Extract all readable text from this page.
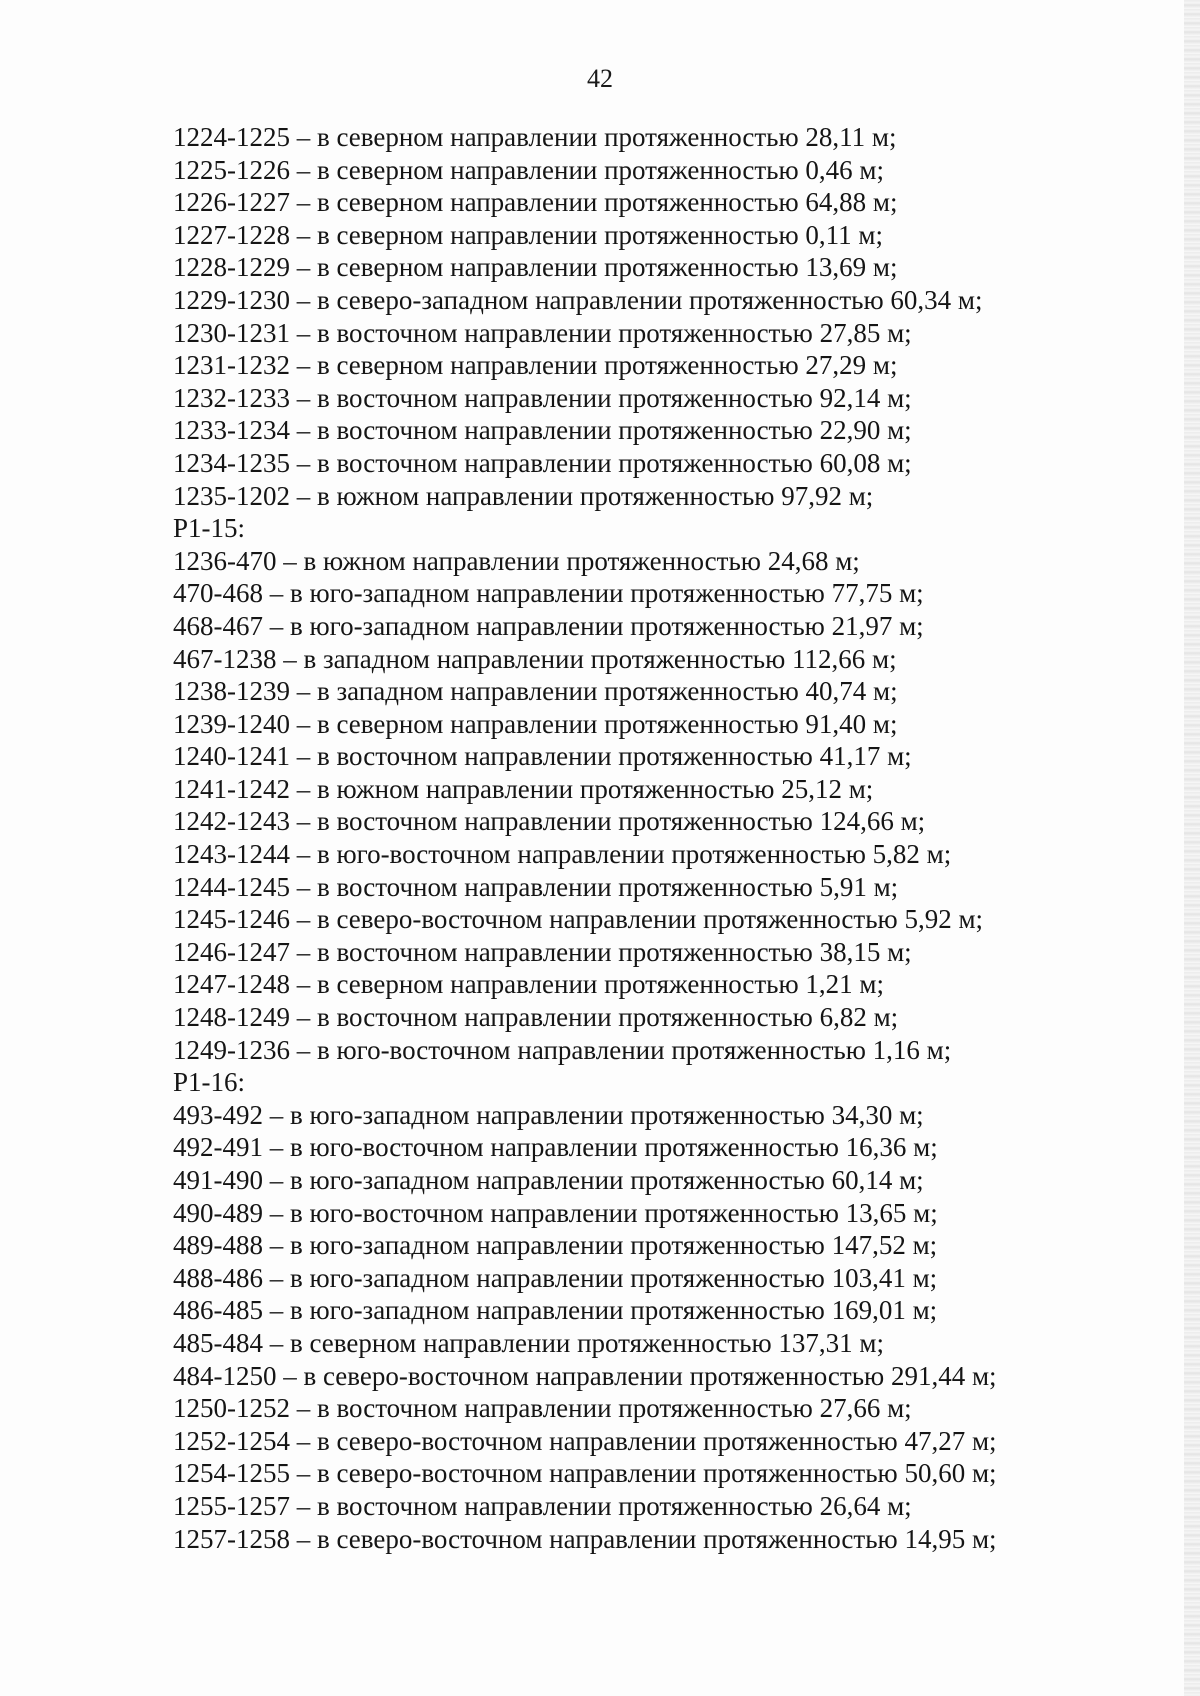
42
1224-1225 – в северном направлении протяженностью 28,11 м;
1225-1226 – в северном направлении протяженностью 0,46 м;
1226-1227 – в северном направлении протяженностью 64,88 м;
1227-1228 – в северном направлении протяженностью 0,11 м;
1228-1229 – в северном направлении протяженностью 13,69 м;
1229-1230 – в северо-западном направлении протяженностью 60,34 м;
1230-1231 – в восточном направлении протяженностью 27,85 м;
1231-1232 – в северном направлении протяженностью 27,29 м;
1232-1233 – в восточном направлении протяженностью 92,14 м;
1233-1234 – в восточном направлении протяженностью 22,90 м;
1234-1235 – в восточном направлении протяженностью 60,08 м;
1235-1202 – в южном направлении протяженностью 97,92 м;
Р1-15:
1236-470 – в южном направлении протяженностью 24,68 м;
470-468 – в юго-западном направлении протяженностью 77,75 м;
468-467 – в юго-западном направлении протяженностью 21,97 м;
467-1238 – в западном направлении протяженностью 112,66 м;
1238-1239 – в западном направлении протяженностью 40,74 м;
1239-1240 – в северном направлении протяженностью 91,40 м;
1240-1241 – в восточном направлении протяженностью 41,17 м;
1241-1242 – в южном направлении протяженностью 25,12 м;
1242-1243 – в восточном направлении протяженностью 124,66 м;
1243-1244 – в юго-восточном направлении протяженностью 5,82 м;
1244-1245 – в восточном направлении протяженностью 5,91 м;
1245-1246 – в северо-восточном направлении протяженностью 5,92 м;
1246-1247 – в восточном направлении протяженностью 38,15 м;
1247-1248 – в северном направлении протяженностью 1,21 м;
1248-1249 – в восточном направлении протяженностью 6,82 м;
1249-1236 – в юго-восточном направлении протяженностью 1,16 м;
Р1-16:
493-492 – в юго-западном направлении протяженностью 34,30 м;
492-491 – в юго-восточном направлении протяженностью 16,36 м;
491-490 – в юго-западном направлении протяженностью 60,14 м;
490-489 – в юго-восточном направлении протяженностью 13,65 м;
489-488 – в юго-западном направлении протяженностью 147,52 м;
488-486 – в юго-западном направлении протяженностью 103,41 м;
486-485 – в юго-западном направлении протяженностью 169,01 м;
485-484 – в северном направлении протяженностью 137,31 м;
484-1250 – в северо-восточном направлении протяженностью 291,44 м;
1250-1252 – в восточном направлении протяженностью 27,66 м;
1252-1254 – в северо-восточном направлении протяженностью 47,27 м;
1254-1255 – в северо-восточном направлении протяженностью 50,60 м;
1255-1257 – в восточном направлении протяженностью 26,64 м;
1257-1258 – в северо-восточном направлении протяженностью 14,95 м;
